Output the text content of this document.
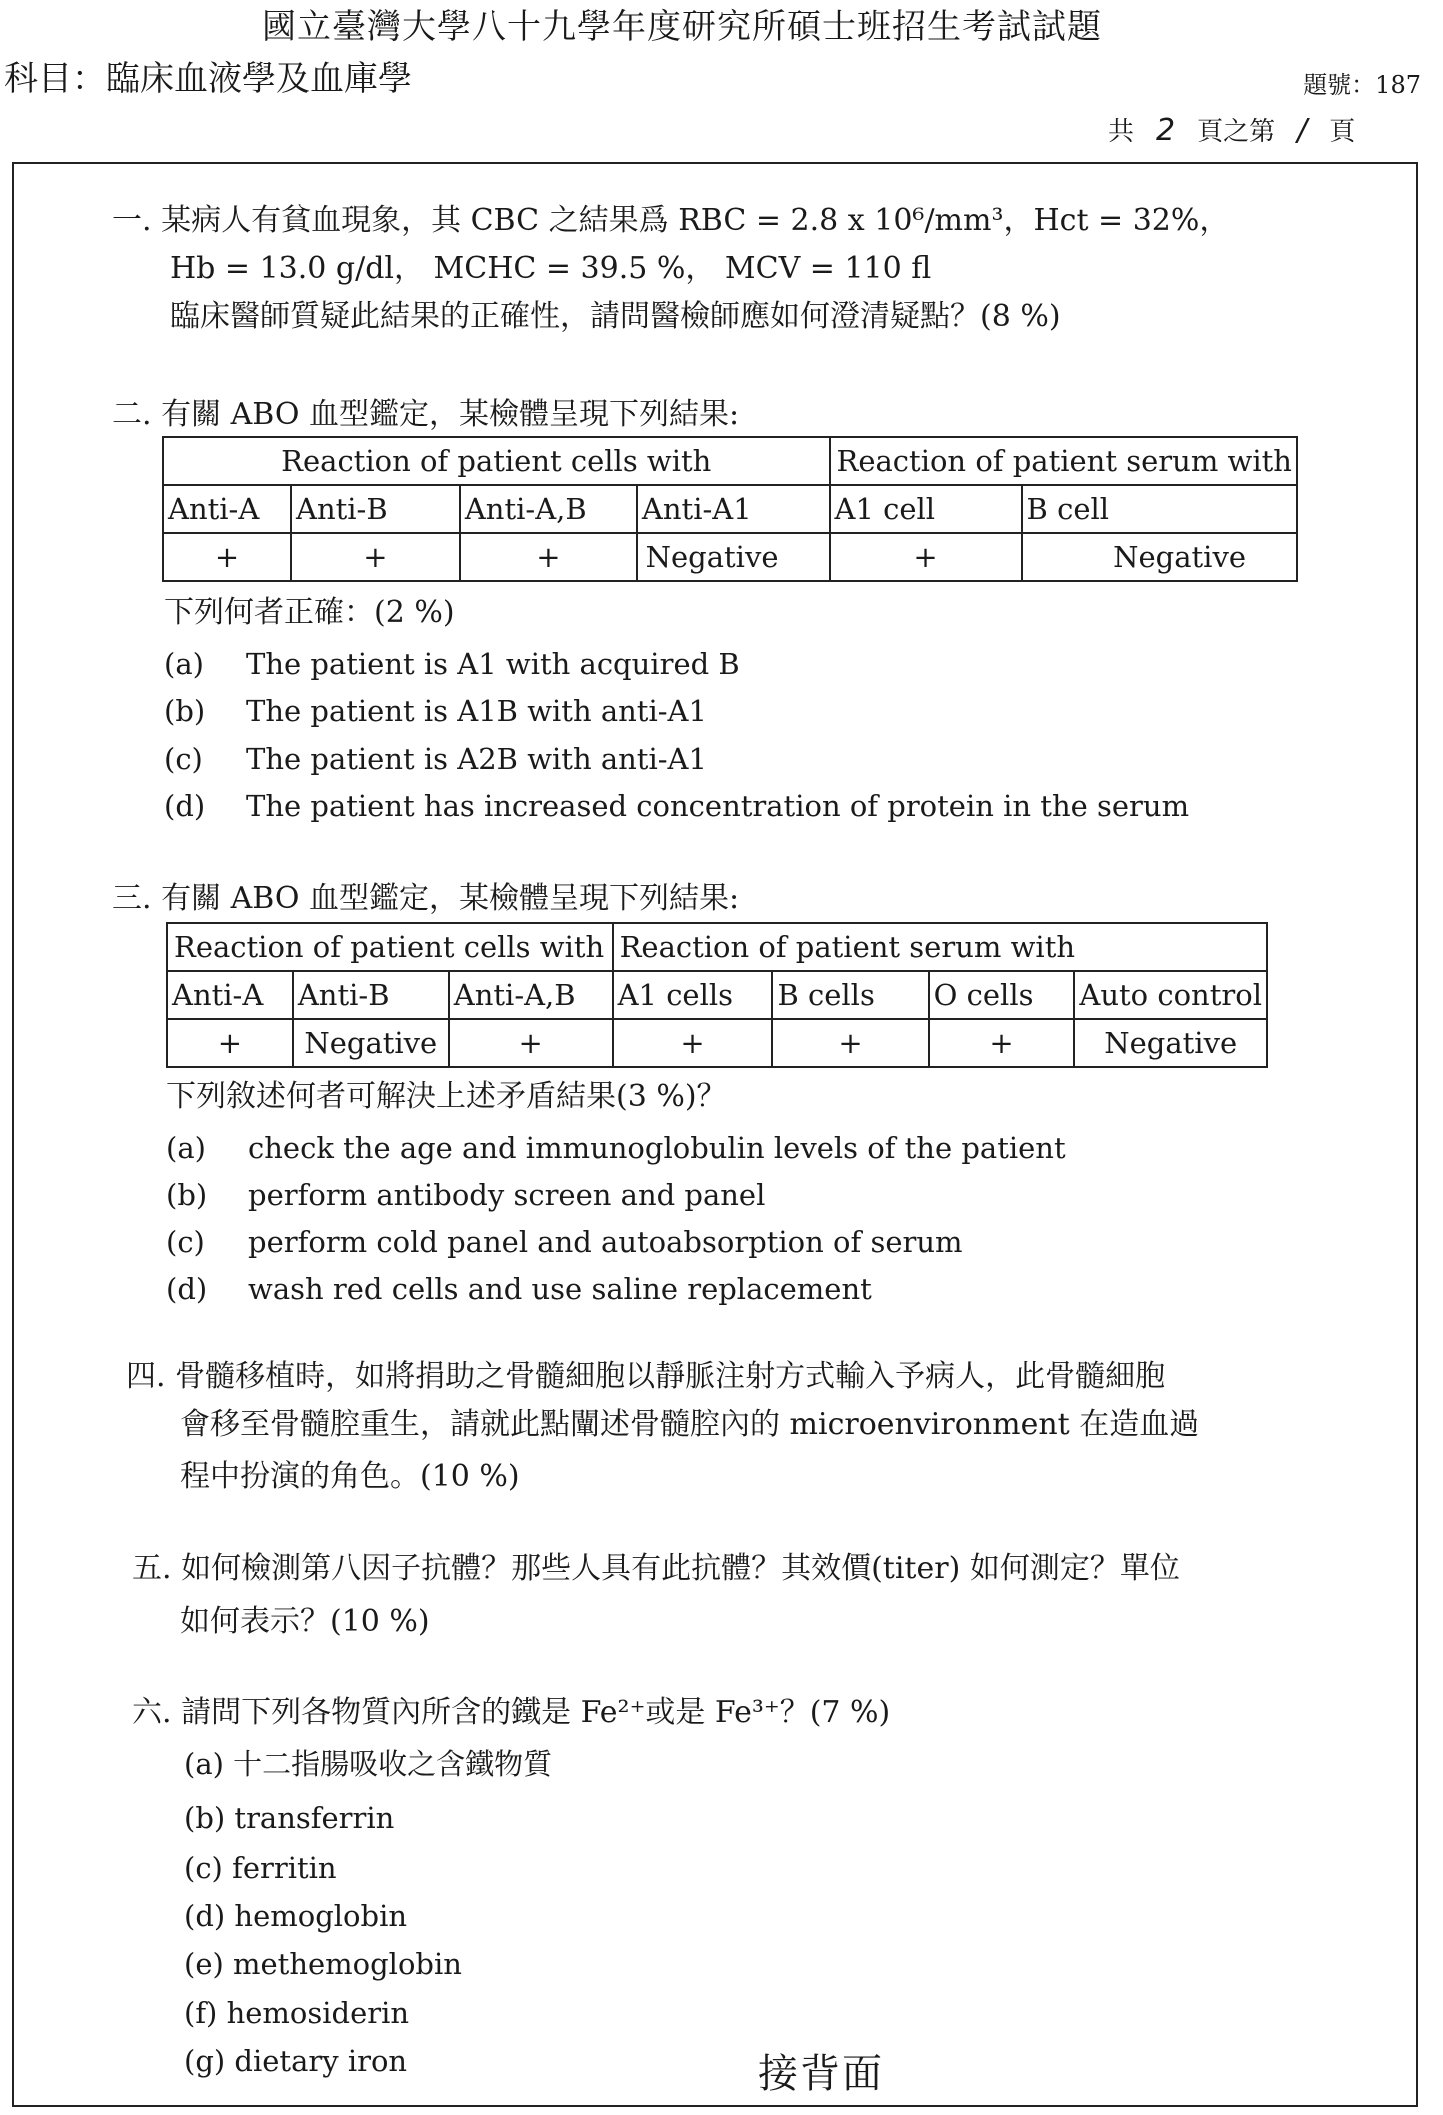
國立臺灣大學八十九學年度研究所碩士班招生考試試題
科目：臨床血液學及血庫學	題號：187
共 2 頁之第 / 頁
一. 某病人有貧血現象，其 CBC 之結果爲 RBC = 2.8 x 10⁶/mm³，Hct = 32%，
Hb = 13.0 g/dl， MCHC = 39.5 %， MCV = 110 fl
臨床醫師質疑此結果的正確性，請問醫檢師應如何澄清疑點？(8 %)
二. 有關 ABO 血型鑑定，某檢體呈現下列結果:
Reaction of patient cells with				Reaction of patient serum with	
Anti-A	Anti-B	Anti-A,B	Anti-A1	A1 cell	B cell
+	+	+	Negative	+	Negative
下列何者正確：(2 %)
(a) The patient is A1 with acquired B
(b) The patient is A1B with anti-A1
(c) The patient is A2B with anti-A1
(d) The patient has increased concentration of protein in the serum
三. 有關 ABO 血型鑑定，某檢體呈現下列結果:
Reaction of patient cells with			Reaction of patient serum with			
Anti-A	Anti-B	Anti-A,B	A1 cells	B cells	O cells	Auto control
+	Negative	+	+	+	+	Negative
下列敘述何者可解決上述矛盾結果(3 %)？
(a) check the age and immunoglobulin levels of the patient
(b) perform antibody screen and panel
(c) perform cold panel and autoabsorption of serum
(d) wash red cells and use saline replacement
四. 骨髓移植時，如將捐助之骨髓細胞以靜脈注射方式輸入予病人，此骨髓細胞
會移至骨髓腔重生，請就此點闡述骨髓腔內的 microenvironment 在造血過
程中扮演的角色。(10 %)
五. 如何檢測第八因子抗體？那些人具有此抗體？其效價(titer) 如何測定？單位
如何表示？(10 %)
六. 請問下列各物質內所含的鐵是 Fe²⁺或是 Fe³⁺？(7 %)
(a) 十二指腸吸收之含鐵物質
(b) transferrin
(c) ferritin
(d) hemoglobin
(e) methemoglobin
(f) hemosiderin
(g) dietary iron	接背面
